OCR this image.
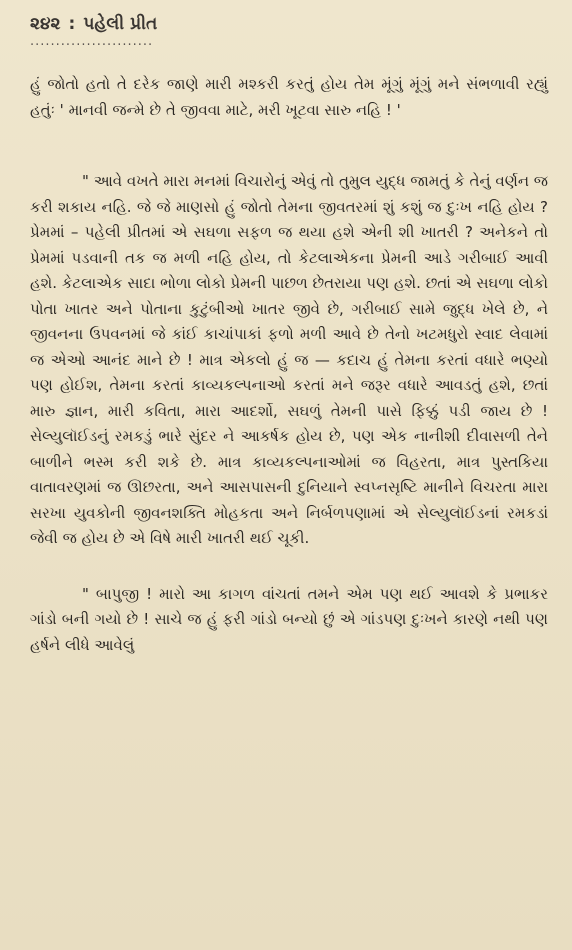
૨૪૨ : પહેલી પ્રીત
........................

હું જોતો હતો તે દરેક જાણે મારી મશ્કરી કરતું હોય તેમ મૂંગું મૂંગું મને સંભળાવી રહ્યું હતુંઃ ' માનવી જન્મે છે તે જીવવા માટે, મરી ખૂટવા સારુ નહિ ! '

" આવે વખતે મારા મનમાં વિચારોનું એવું તો તુમુલ યુદ્ધ જામતું કે તેનું વર્ણન જ કરી શકાય નહિ. જે જે માણસો હું જોતો તેમના જીવતરમાં શું કશું જ દુઃખ નહિ હોય ? પ્રેમમાં – પહેલી પ્રીતમાં એ સઘળા સફળ જ થયા હશે એની શી ખાતરી ? અનેકને તો પ્રેમમાં પડવાની તક જ મળી નહિ હોય, તો કેટલાએકના પ્રેમની આડે ગરીબાઈ આવી હશે. કેટલાએક સાદા ભોળા લોકો પ્રેમની પાછળ છેતરાયા પણ હશે. છતાં એ સઘળા લોકો પોતા ખાતર અને પોતાના કુટુંબીઓ ખાતર જીવે છે, ગરીબાઈ સામે જુદ્ધ ખેલે છે, ને જીવનના ઉપવનમાં જે કાંઈ કાચાંપાકાં ફળો મળી આવે છે તેનો ખટમધુરો સ્વાદ લેવામાં જ એઓ આનંદ માને છે ! માત્ર એકલો હું જ — કદાચ હું તેમના કરતાં વધારે ભણ્યો પણ હોઈશ, તેમના કરતાં કાવ્યકલ્પનાઓ કરતાં મને જરૂર વધારે આવડતું હશે, છતાં મારુ જ્ઞાન, મારી કવિતા, મારા આદર્શો, સઘળું તેમની પાસે ફિક્કું પડી જાય છે ! સેલ્યુલૉઈડનું રમકડું ભારે સુંદર ને આકર્ષક હોય છે, પણ એક નાનીશી દીવાસળી તેને બાળીને ભસ્મ કરી શકે છે. માત્ર કાવ્યકલ્પનાઓમાં જ વિહરતા, માત્ર પુસ્તકિયા વાતાવરણમાં જ ઊછરતા, અને આસપાસની દુનિયાને સ્વપ્નસૃષ્ટિ માનીને વિચરતા મારા સરખા યુવકોની જીવનશક્તિ મોહકતા અને નિર્બળપણામાં એ સેલ્યુલૉઈડનાં રમકડાં જેવી જ હોય છે એ વિષે મારી ખાતરી થઈ ચૂકી.

" બાપુજી ! મારો આ કાગળ વાંચતાં તમને એમ પણ થઈ આવશે કે પ્રભાકર ગાંડો બની ગયો છે ! સાચે જ હું ફરી ગાંડો બન્યો છું એ ગાંડપણ દુઃખને કારણે નથી પણ હર્ષને લીધે આવેલું
